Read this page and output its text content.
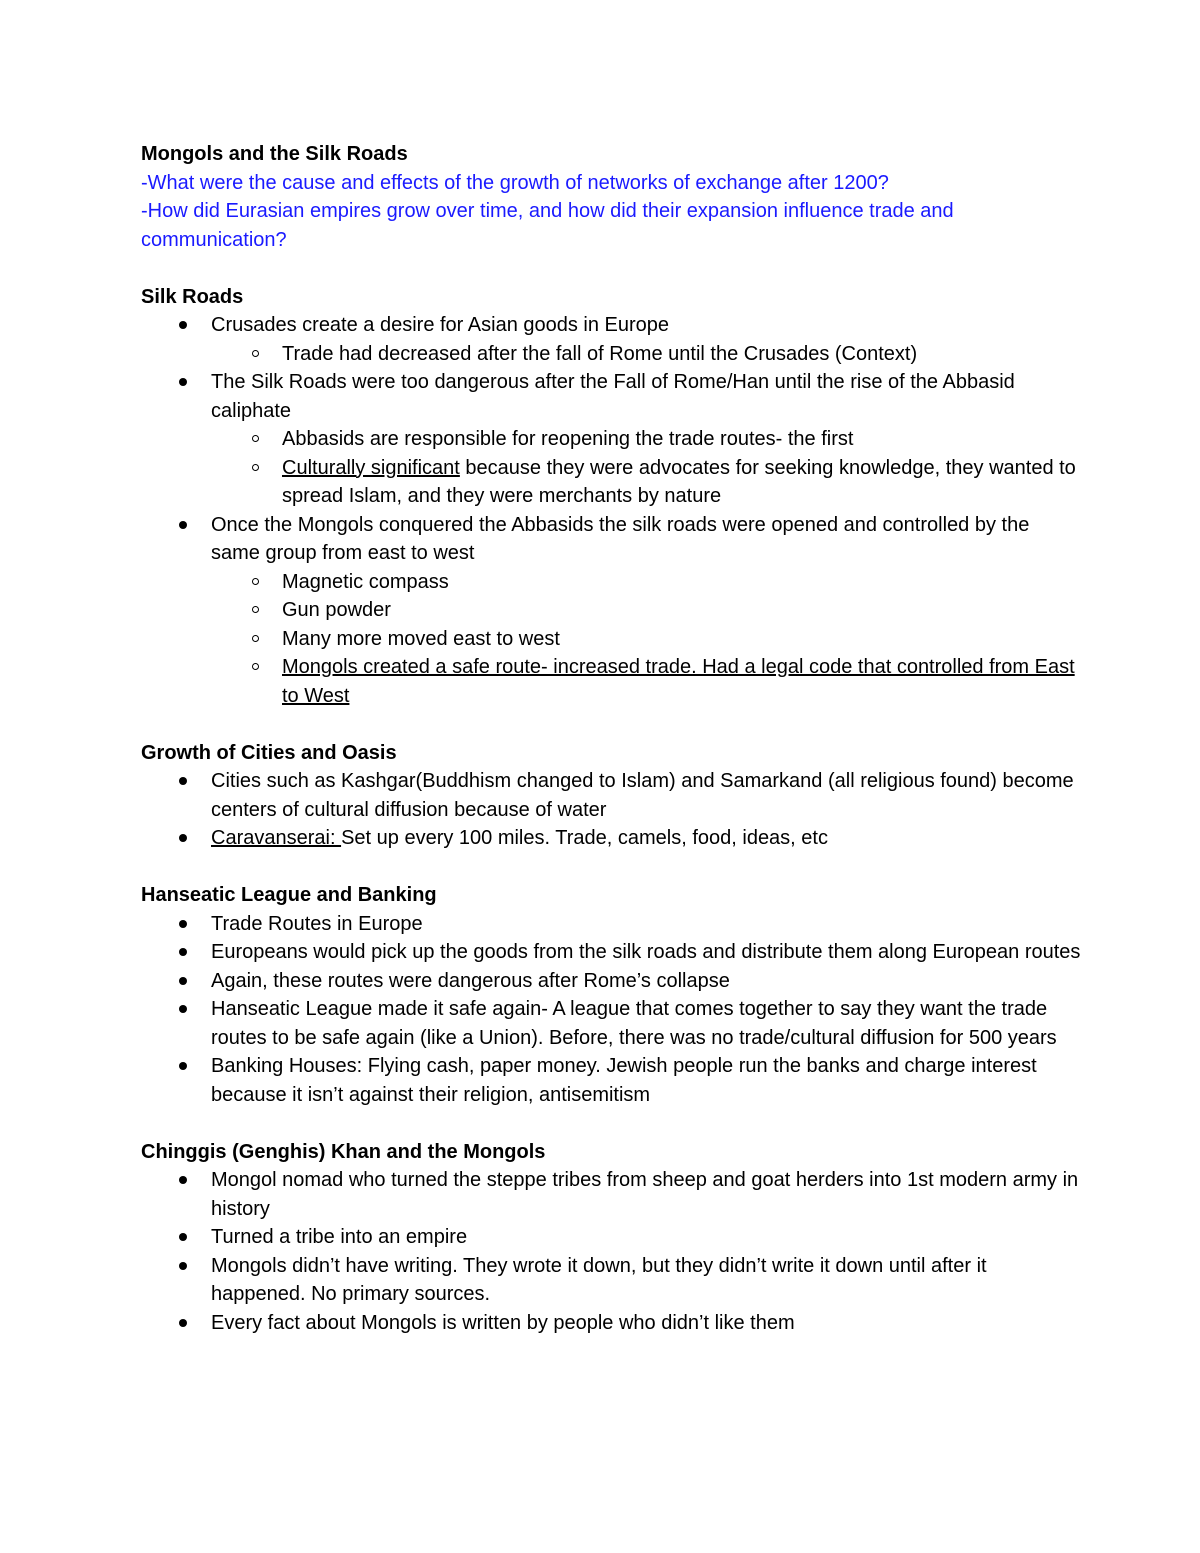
Mongols and the Silk Roads

-What were the cause and effects of the growth of networks of exchange after 1200?

-How did Eurasian empires grow over time, and how did their expansion influence trade and communication?

Silk Roads

Crusades create a desire for Asian goods in Europe
Trade had decreased after the fall of Rome until the Crusades (Context)
The Silk Roads were too dangerous after the Fall of Rome/Han until the rise of the Abbasid caliphate
Abbasids are responsible for reopening the trade routes- the first
Culturally significant because they were advocates for seeking knowledge, they wanted to spread Islam, and they were merchants by nature
Once the Mongols conquered the Abbasids the silk roads were opened and controlled by the same group from east to west
Magnetic compass
Gun powder
Many more moved east to west
Mongols created a safe route- increased trade. Had a legal code that controlled from East to West

Growth of Cities and Oasis

Cities such as Kashgar(Buddhism changed to Islam) and Samarkand (all religious found) become centers of cultural diffusion because of water
Caravanserai: Set up every 100 miles. Trade, camels, food, ideas, etc

Hanseatic League and Banking

Trade Routes in Europe
Europeans would pick up the goods from the silk roads and distribute them along European routes
Again, these routes were dangerous after Rome’s collapse
Hanseatic League made it safe again- A league that comes together to say they want the trade routes to be safe again (like a Union). Before, there was no trade/cultural diffusion for 500 years
Banking Houses: Flying cash, paper money. Jewish people run the banks and charge interest because it isn’t against their religion, antisemitism

Chinggis (Genghis) Khan and the Mongols

Mongol nomad who turned the steppe tribes from sheep and goat herders into 1st modern army in history
Turned a tribe into an empire
Mongols didn’t have writing. They wrote it down, but they didn’t write it down until after it happened. No primary sources.
Every fact about Mongols is written by people who didn’t like them
